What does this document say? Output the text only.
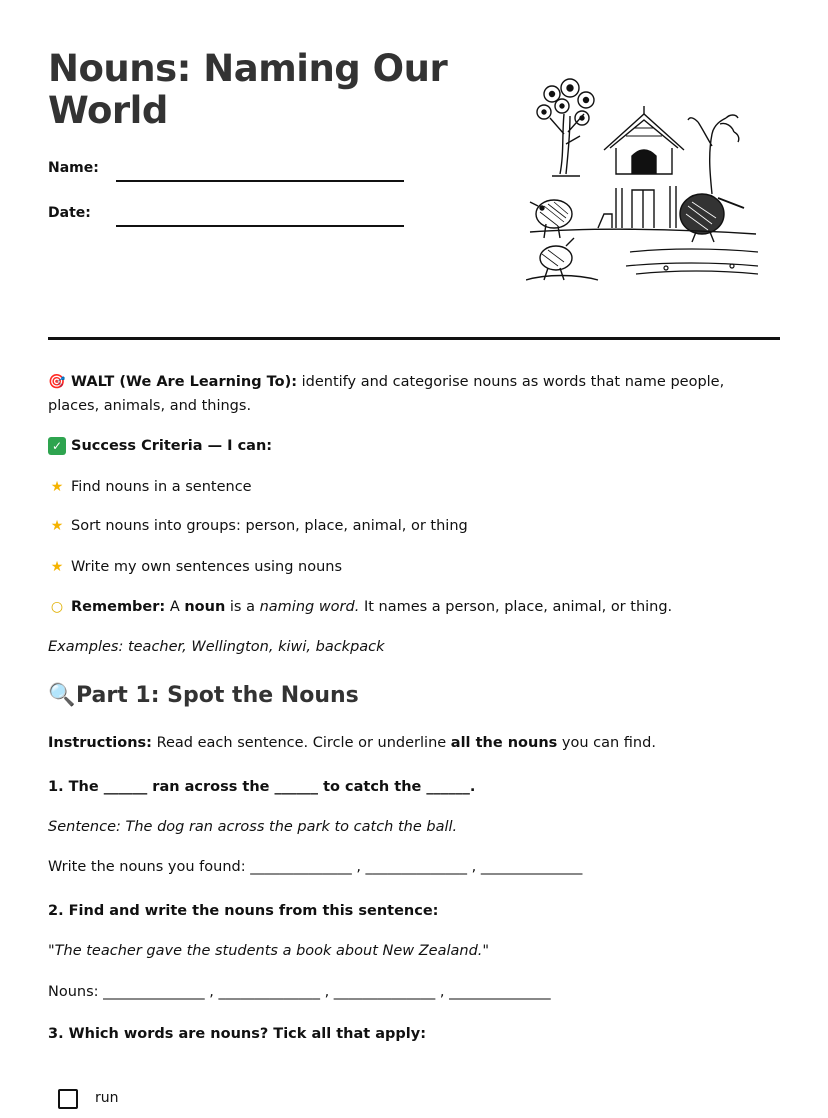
Nouns: Naming Our World
Name:
Date:
🎯 WALT (We Are Learning To): identify and categorise nouns as words that name people, places, animals, and things.
✓ Success Criteria — I can:
★ Find nouns in a sentence
★ Sort nouns into groups: person, place, animal, or thing
★ Write my own sentences using nouns
○ Remember: A noun is a naming word. It names a person, place, animal, or thing.
Examples: teacher, Wellington, kiwi, backpack
🔍Part 1: Spot the Nouns
Instructions: Read each sentence. Circle or underline all the nouns you can find.
1. The ______ ran across the ______ to catch the ______.
Sentence: The dog ran across the park to catch the ball.
Write the nouns you found: ______________ , ______________ , ______________
2. Find and write the nouns from this sentence:
"The teacher gave the students a book about New Zealand."
Nouns: ______________ , ______________ , ______________ , ______________
3. Which words are nouns? Tick all that apply:
run
